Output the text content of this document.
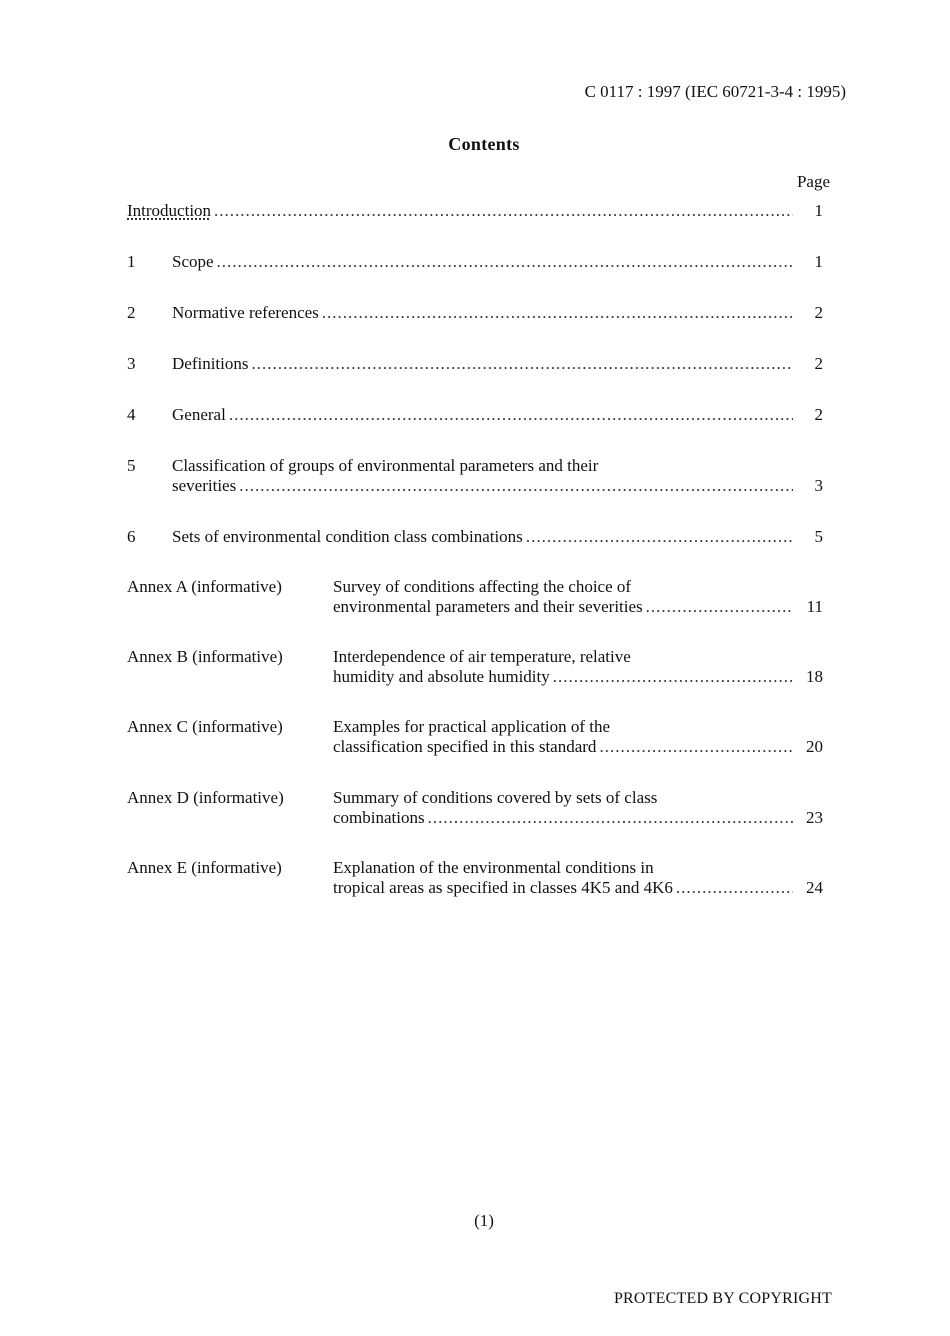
C 0117 : 1997 (IEC 60721-3-4 : 1995)
Contents
Page
Introduction .....	1
1 Scope .....	1
2 Normative references .....	2
3 Definitions .....	2
4 General .....	2
5 Classification of groups of environmental parameters and their
severities .....	3
6 Sets of environmental condition class combinations .....	5
Annex A (informative)	Survey of conditions affecting the choice of
environmental parameters and their severities .....	11
Annex B (informative)	Interdependence of air temperature, relative
humidity and absolute humidity .....	18
Annex C (informative)	Examples for practical application of the
classification specified in this standard .....	20
Annex D (informative)	Summary of conditions covered by sets of class
combinations .....	23
Annex E (informative)	Explanation of the environmental conditions in
tropical areas as specified in classes 4K5 and 4K6 .....	24
(1)
PROTECTED BY COPYRIGHT
